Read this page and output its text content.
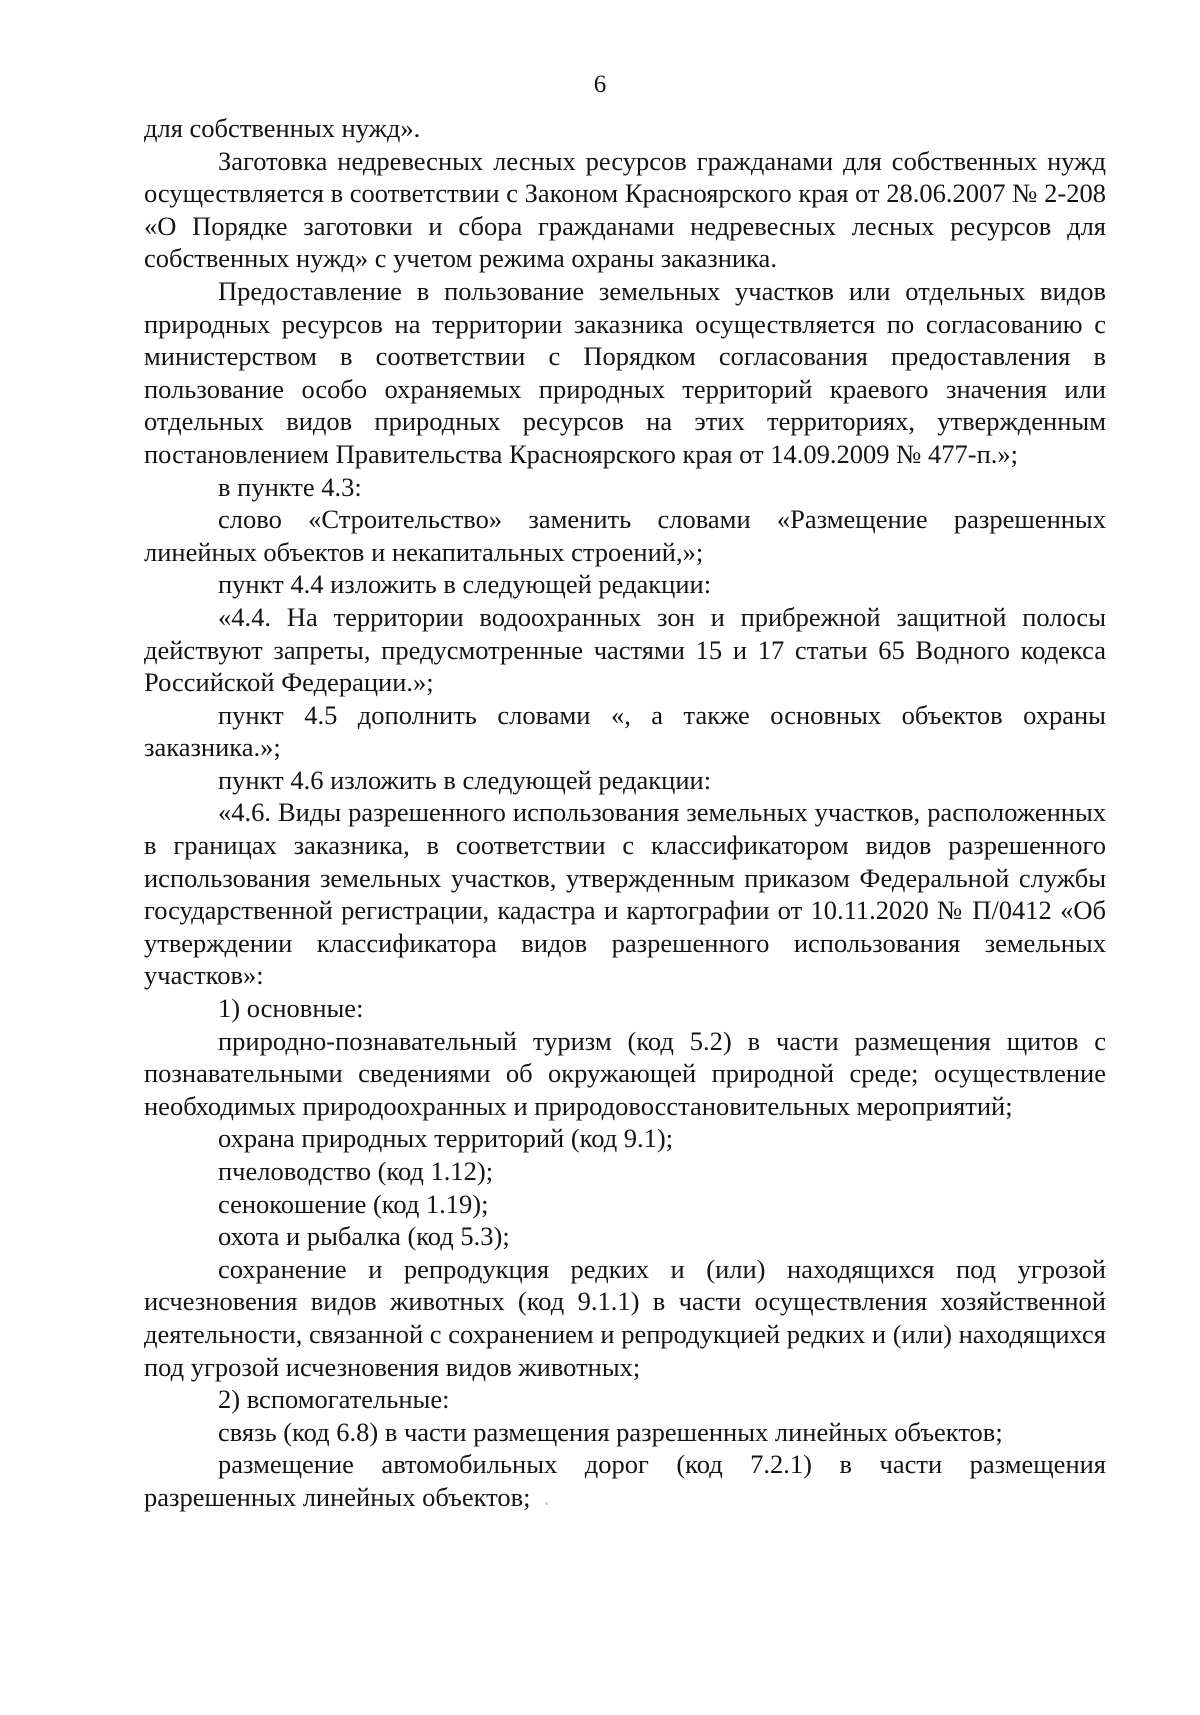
6

для собственных нужд».

Заготовка недревесных лесных ресурсов гражданами для собственных нужд осуществляется в соответствии с Законом Красноярского края от 28.06.2007 № 2-208 «О Порядке заготовки и сбора гражданами недревесных лесных ресурсов для собственных нужд» с учетом режима охраны заказника.

Предоставление в пользование земельных участков или отдельных видов природных ресурсов на территории заказника осуществляется по согласованию с министерством в соответствии с Порядком согласования предоставления в пользование особо охраняемых природных территорий краевого значения или отдельных видов природных ресурсов на этих территориях, утвержденным постановлением Правительства Красноярского края от 14.09.2009 № 477-п.»;

в пункте 4.3:

слово «Строительство» заменить словами «Размещение разрешенных линейных объектов и некапитальных строений,»;

пункт 4.4 изложить в следующей редакции:

«4.4. На территории водоохранных зон и прибрежной защитной полосы действуют запреты, предусмотренные частями 15 и 17 статьи 65 Водного кодекса Российской Федерации.»;

пункт 4.5 дополнить словами «, а также основных объектов охраны заказника.»;

пункт 4.6 изложить в следующей редакции:

«4.6. Виды разрешенного использования земельных участков, расположенных в границах заказника, в соответствии с классификатором видов разрешенного использования земельных участков, утвержденным приказом Федеральной службы государственной регистрации, кадастра и картографии от 10.11.2020 № П/0412 «Об утверждении классификатора видов разрешенного использования земельных участков»:

1) основные:

природно-познавательный туризм (код 5.2) в части размещения щитов с познавательными сведениями об окружающей природной среде; осуществление необходимых природоохранных и природовосстановительных мероприятий;

охрана природных территорий (код 9.1);

пчеловодство (код 1.12);

сенокошение (код 1.19);

охота и рыбалка (код 5.3);

сохранение и репродукция редких и (или) находящихся под угрозой исчезновения видов животных (код 9.1.1) в части осуществления хозяйственной деятельности, связанной с сохранением и репродукцией редких и (или) находящихся под угрозой исчезновения видов животных;

2) вспомогательные:

связь (код 6.8) в части размещения разрешенных линейных объектов;

размещение автомобильных дорог (код 7.2.1) в части размещения разрешенных линейных объектов;
